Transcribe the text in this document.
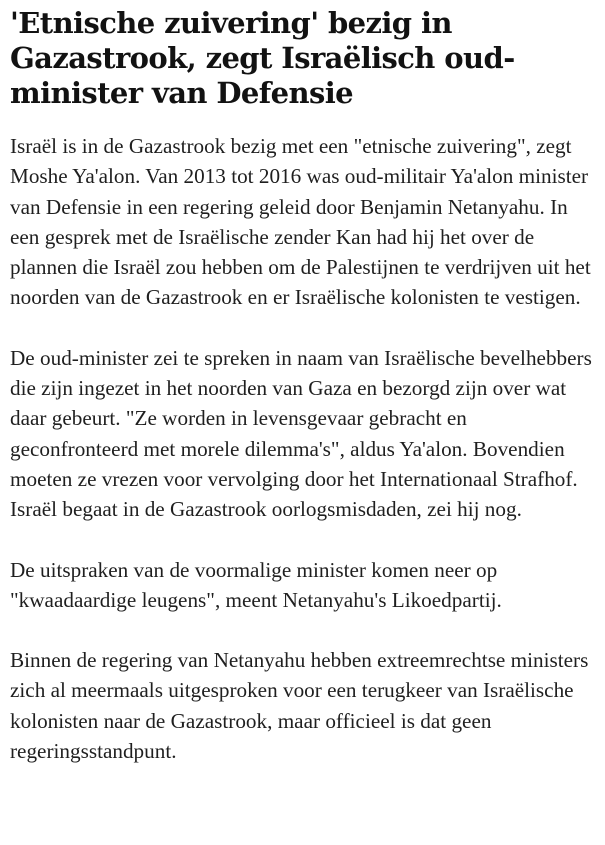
'Etnische zuivering' bezig in Gazastrook, zegt Israëlisch oud-minister van Defensie

Israël is in de Gazastrook bezig met een "etnische zuivering", zegt Moshe Ya'alon. Van 2013 tot 2016 was oud-militair Ya'alon minister van Defensie in een regering geleid door Benjamin Netanyahu. In een gesprek met de Israëlische zender Kan had hij het over de plannen die Israël zou hebben om de Palestijnen te verdrijven uit het noorden van de Gazastrook en er Israëlische kolonisten te vestigen.

De oud-minister zei te spreken in naam van Israëlische bevelhebbers die zijn ingezet in het noorden van Gaza en bezorgd zijn over wat daar gebeurt. "Ze worden in levensgevaar gebracht en geconfronteerd met morele dilemma's", aldus Ya'alon. Bovendien moeten ze vrezen voor vervolging door het Internationaal Strafhof. Israël begaat in de Gazastrook oorlogsmisdaden, zei hij nog.

De uitspraken van de voormalige minister komen neer op "kwaadaardige leugens", meent Netanyahu's Likoedpartij.

Binnen de regering van Netanyahu hebben extreemrechtse ministers zich al meermaals uitgesproken voor een terugkeer van Israëlische kolonisten naar de Gazastrook, maar officieel is dat geen regeringsstandpunt.
